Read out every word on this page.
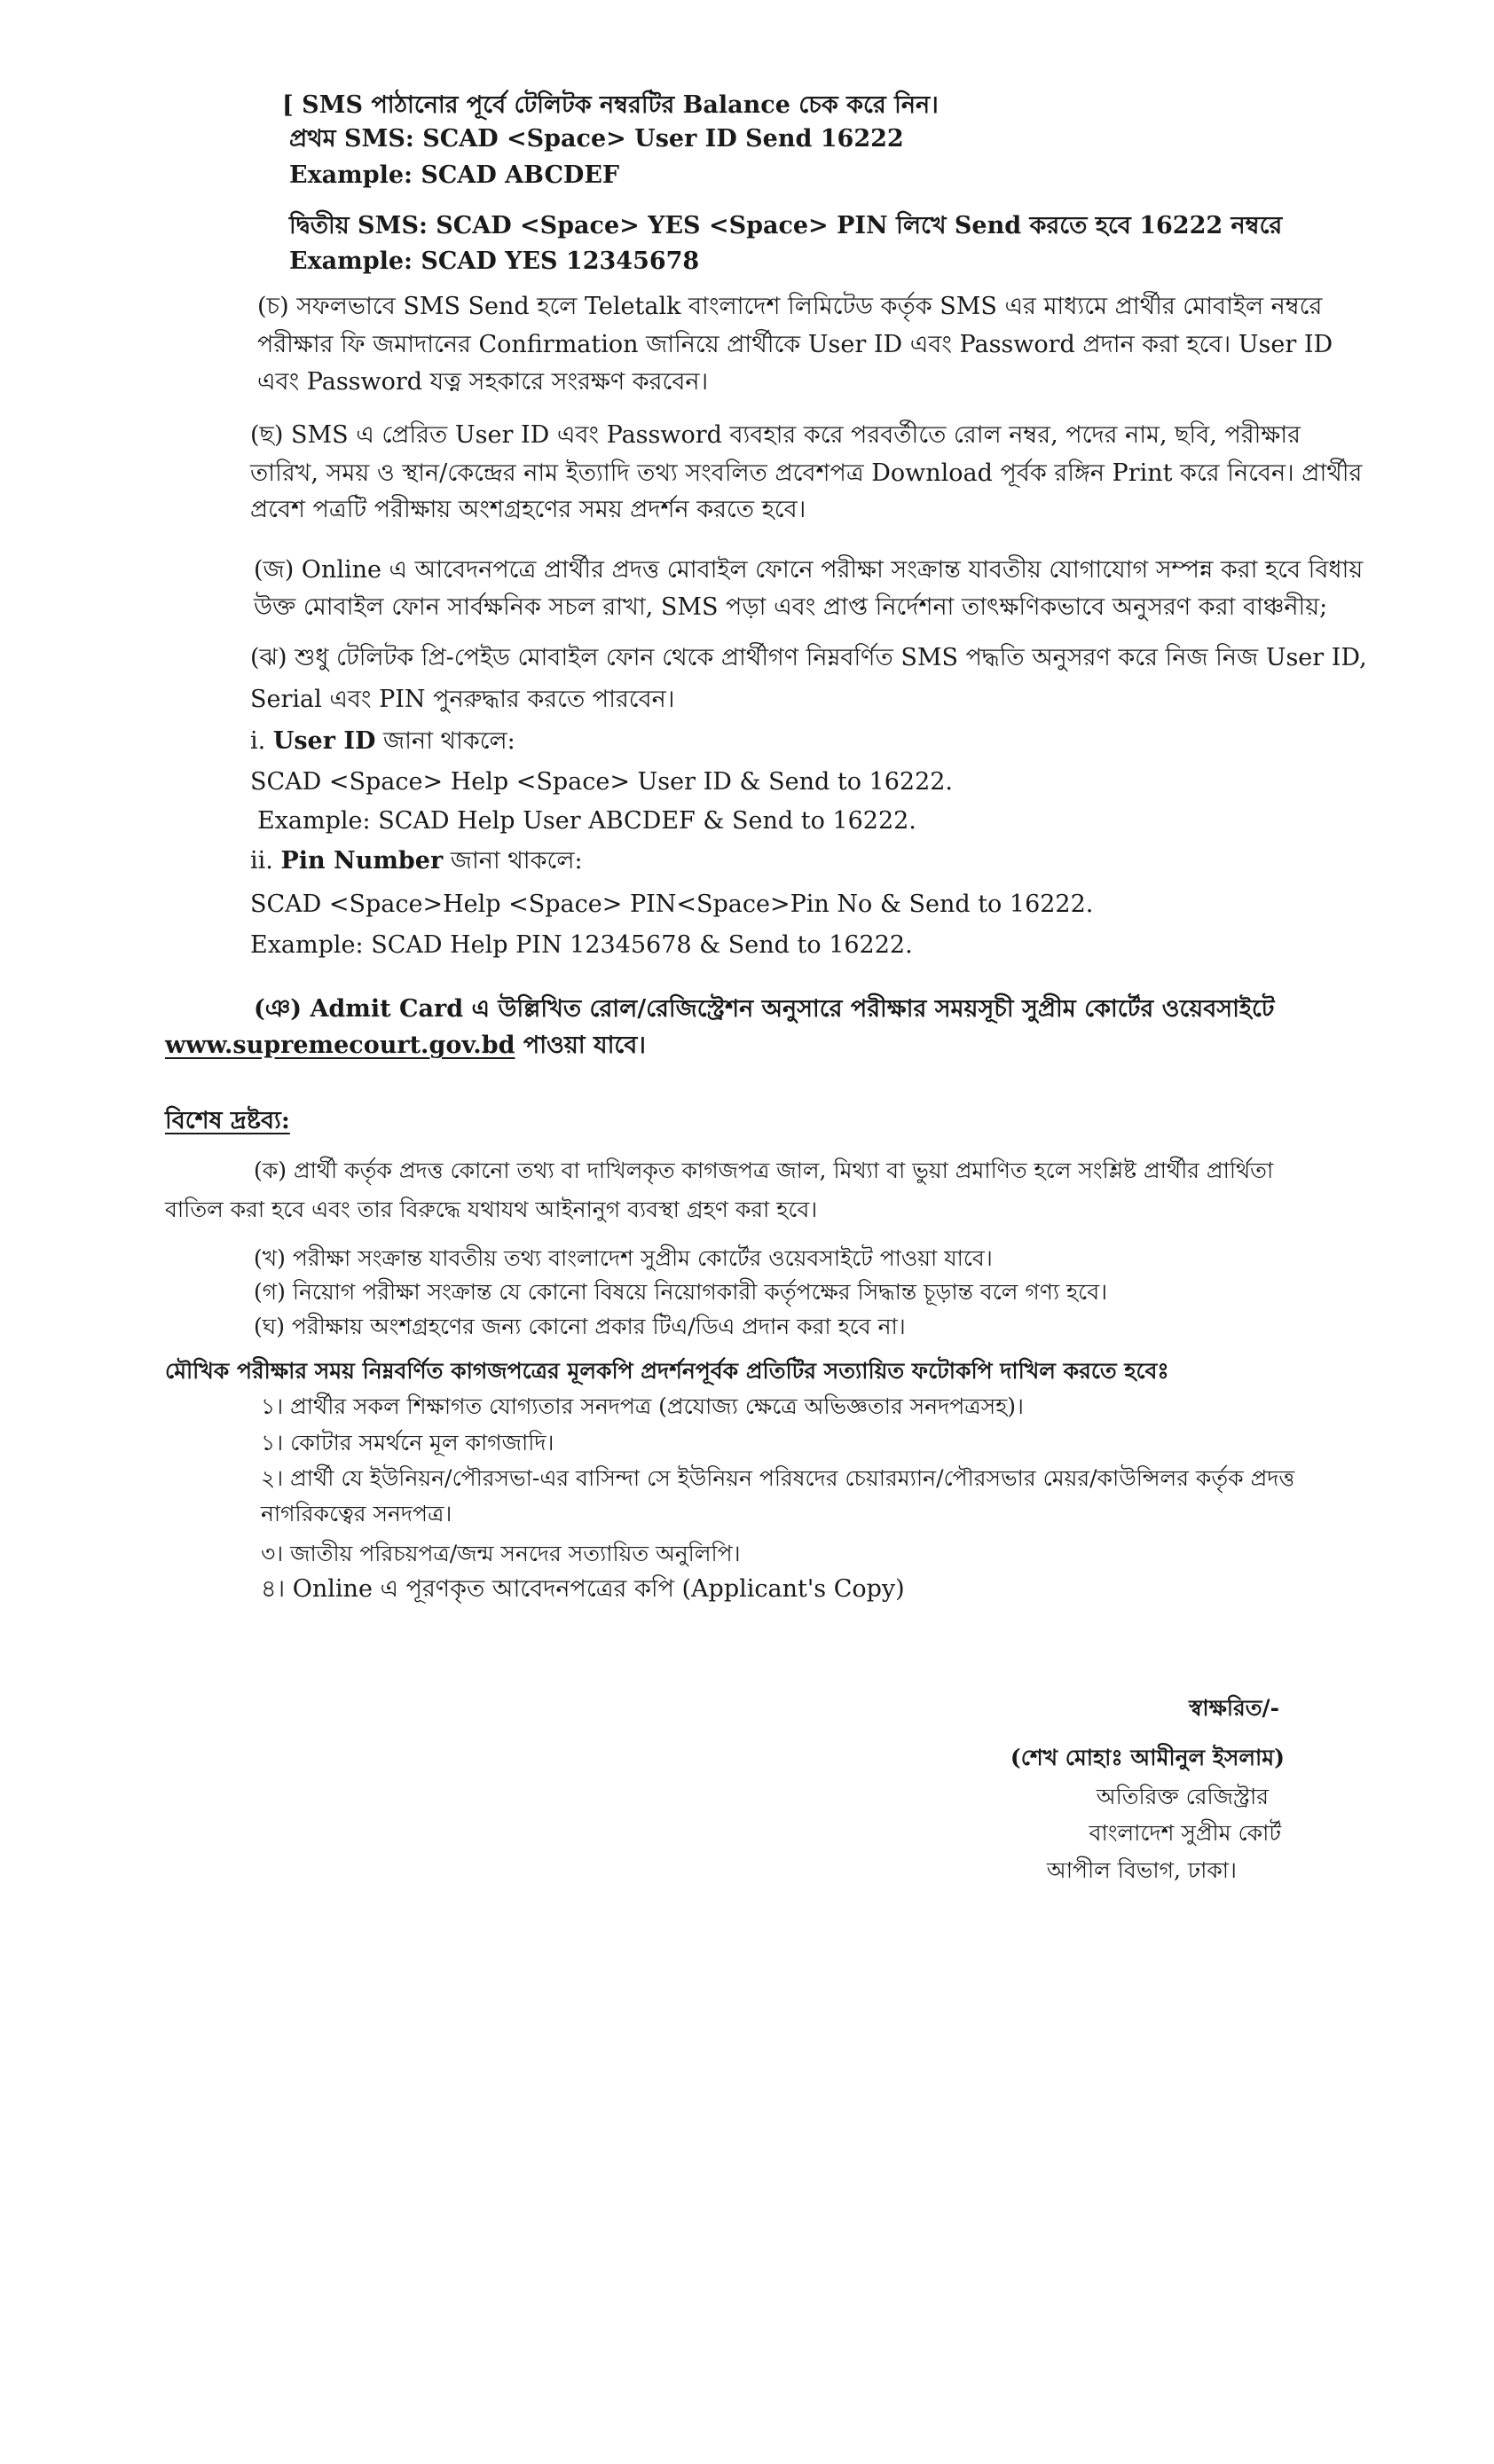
[ SMS পাঠানোর পূর্বে টেলিটক নম্বরটির Balance চেক করে নিন।
প্রথম SMS: SCAD <Space> User ID Send 16222
Example: SCAD ABCDEF
দ্বিতীয় SMS: SCAD <Space> YES <Space> PIN লিখে Send করতে হবে 16222 নম্বরে
Example: SCAD YES 12345678
(চ) সফলভাবে SMS Send হলে Teletalk বাংলাদেশ লিমিটেড কর্তৃক SMS এর মাধ্যমে প্রার্থীর মোবাইল নম্বরে
পরীক্ষার ফি জমাদানের Confirmation জানিয়ে প্রার্থীকে User ID এবং Password প্রদান করা হবে। User ID
এবং Password যত্ন সহকারে সংরক্ষণ করবেন।
(ছ) SMS এ প্রেরিত User ID এবং Password ব্যবহার করে পরবর্তীতে রোল নম্বর, পদের নাম, ছবি, পরীক্ষার
তারিখ, সময় ও স্থান/কেন্দ্রের নাম ইত্যাদি তথ্য সংবলিত প্রবেশপত্র Download পূর্বক রঙ্গিন Print করে নিবেন। প্রার্থীর
প্রবেশ পত্রটি পরীক্ষায় অংশগ্রহণের সময় প্রদর্শন করতে হবে।
(জ) Online এ আবেদনপত্রে প্রার্থীর প্রদত্ত মোবাইল ফোনে পরীক্ষা সংক্রান্ত যাবতীয় যোগাযোগ সম্পন্ন করা হবে বিধায়
উক্ত মোবাইল ফোন সার্বক্ষনিক সচল রাখা, SMS পড়া এবং প্রাপ্ত নির্দেশনা তাৎক্ষণিকভাবে অনুসরণ করা বাঞ্চনীয়;
(ঝ) শুধু টেলিটক প্রি-পেইড মোবাইল ফোন থেকে প্রার্থীগণ নিম্নবর্ণিত SMS পদ্ধতি অনুসরণ করে নিজ নিজ User ID,
Serial এবং PIN পুনরুদ্ধার করতে পারবেন।
i. User ID জানা থাকলে:
SCAD <Space> Help <Space> User ID & Send to 16222.
Example: SCAD Help User ABCDEF & Send to 16222.
ii. Pin Number জানা থাকলে:
SCAD <Space>Help <Space> PIN<Space>Pin No & Send to 16222.
Example: SCAD Help PIN 12345678 & Send to 16222.
(ঞ) Admit Card এ উল্লিখিত রোল/রেজিস্ট্রেশন অনুসারে পরীক্ষার সময়সূচী সুপ্রীম কোর্টের ওয়েবসাইটে
www.supremecourt.gov.bd পাওয়া যাবে।
বিশেষ দ্রষ্টব্য:
(ক) প্রার্থী কর্তৃক প্রদত্ত কোনো তথ্য বা দাখিলকৃত কাগজপত্র জাল, মিথ্যা বা ভুয়া প্রমাণিত হলে সংশ্লিষ্ট প্রার্থীর প্রার্থিতা
বাতিল করা হবে এবং তার বিরুদ্ধে যথাযথ আইনানুগ ব্যবস্থা গ্রহণ করা হবে।
(খ) পরীক্ষা সংক্রান্ত যাবতীয় তথ্য বাংলাদেশ সুপ্রীম কোর্টের ওয়েবসাইটে পাওয়া যাবে।
(গ) নিয়োগ পরীক্ষা সংক্রান্ত যে কোনো বিষয়ে নিয়োগকারী কর্তৃপক্ষের সিদ্ধান্ত চূড়ান্ত বলে গণ্য হবে।
(ঘ) পরীক্ষায় অংশগ্রহণের জন্য কোনো প্রকার টিএ/ডিএ প্রদান করা হবে না।
মৌখিক পরীক্ষার সময় নিম্নবর্ণিত কাগজপত্রের মূলকপি প্রদর্শনপূর্বক প্রতিটির সত্যায়িত ফটোকপি দাখিল করতে হবেঃ
১। প্রার্থীর সকল শিক্ষাগত যোগ্যতার সনদপত্র (প্রযোজ্য ক্ষেত্রে অভিজ্ঞতার সনদপত্রসহ)।
১। কোটার সমর্থনে মূল কাগজাদি।
২। প্রার্থী যে ইউনিয়ন/পৌরসভা-এর বাসিন্দা সে ইউনিয়ন পরিষদের চেয়ারম্যান/পৌরসভার মেয়র/কাউন্সিলর কর্তৃক প্রদত্ত
নাগরিকত্বের সনদপত্র।
৩। জাতীয় পরিচয়পত্র/জন্ম সনদের সত্যায়িত অনুলিপি।
৪। Online এ পূরণকৃত আবেদনপত্রের কপি (Applicant's Copy)
স্বাক্ষরিত/-
(শেখ মোহাঃ আমীনুল ইসলাম)
অতিরিক্ত রেজিস্ট্রার
বাংলাদেশ সুপ্রীম কোর্ট
আপীল বিভাগ, ঢাকা।
